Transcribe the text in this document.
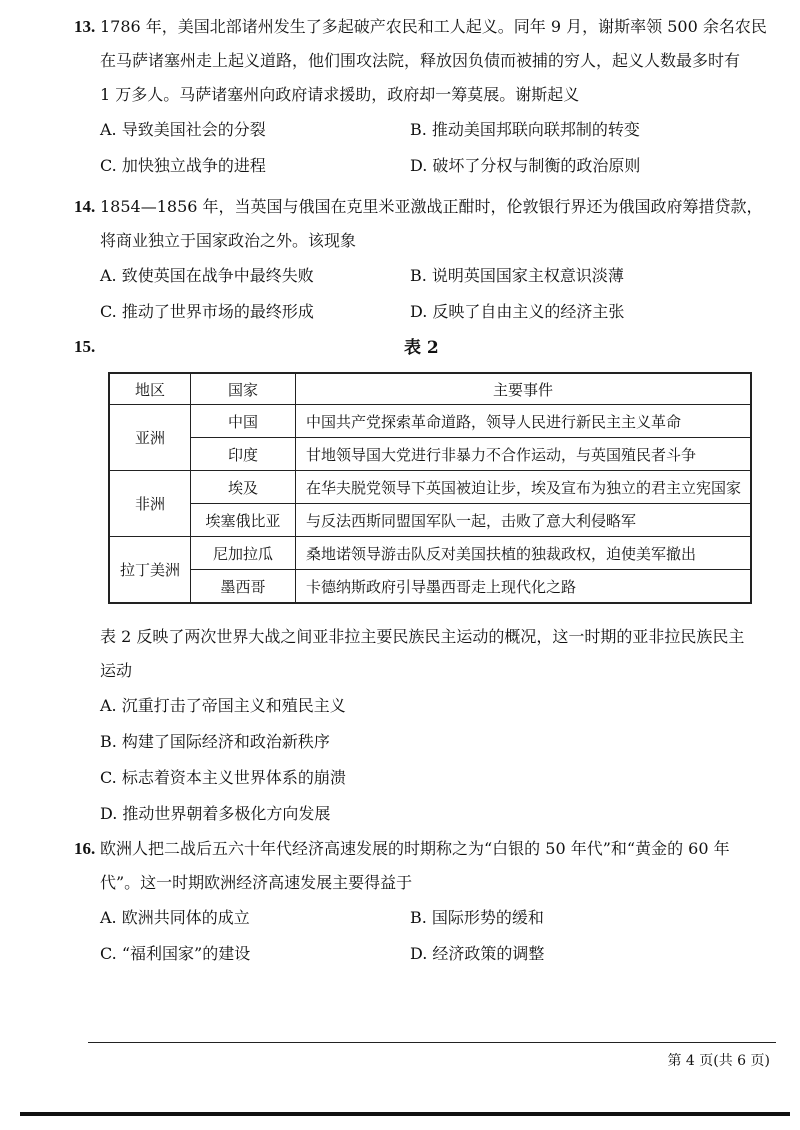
13. 1786 年，美国北部诸州发生了多起破产农民和工人起义。同年 9 月，谢斯率领 500 余名农民
在马萨诸塞州走上起义道路，他们围攻法院，释放因负债而被捕的穷人，起义人数最多时有
1 万多人。马萨诸塞州向政府请求援助，政府却一筹莫展。谢斯起义
A. 导致美国社会的分裂	B. 推动美国邦联向联邦制的转变
C. 加快独立战争的进程	D. 破坏了分权与制衡的政治原则
14. 1854—1856 年，当英国与俄国在克里米亚激战正酣时，伦敦银行界还为俄国政府筹措贷款，
将商业独立于国家政治之外。该现象
A. 致使英国在战争中最终失败	B. 说明英国国家主权意识淡薄
C. 推动了世界市场的最终形成	D. 反映了自由主义的经济主张
15.	表 2
地区	国家	主要事件
亚洲	中国	中国共产党探索革命道路，领导人民进行新民主主义革命
	印度	甘地领导国大党进行非暴力不合作运动，与英国殖民者斗争
非洲	埃及	在华夫脱党领导下英国被迫让步，埃及宣布为独立的君主立宪国家
	埃塞俄比亚	与反法西斯同盟国军队一起，击败了意大利侵略军
拉丁美洲	尼加拉瓜	桑地诺领导游击队反对美国扶植的独裁政权，迫使美军撤出
	墨西哥	卡德纳斯政府引导墨西哥走上现代化之路
表 2 反映了两次世界大战之间亚非拉主要民族民主运动的概况，这一时期的亚非拉民族民主
运动
A. 沉重打击了帝国主义和殖民主义
B. 构建了国际经济和政治新秩序
C. 标志着资本主义世界体系的崩溃
D. 推动世界朝着多极化方向发展
16. 欧洲人把二战后五六十年代经济高速发展的时期称之为“白银的 50 年代”和“黄金的 60 年
代”。这一时期欧洲经济高速发展主要得益于
A. 欧洲共同体的成立	B. 国际形势的缓和
C. “福利国家”的建设	D. 经济政策的调整
第 4 页(共 6 页)
